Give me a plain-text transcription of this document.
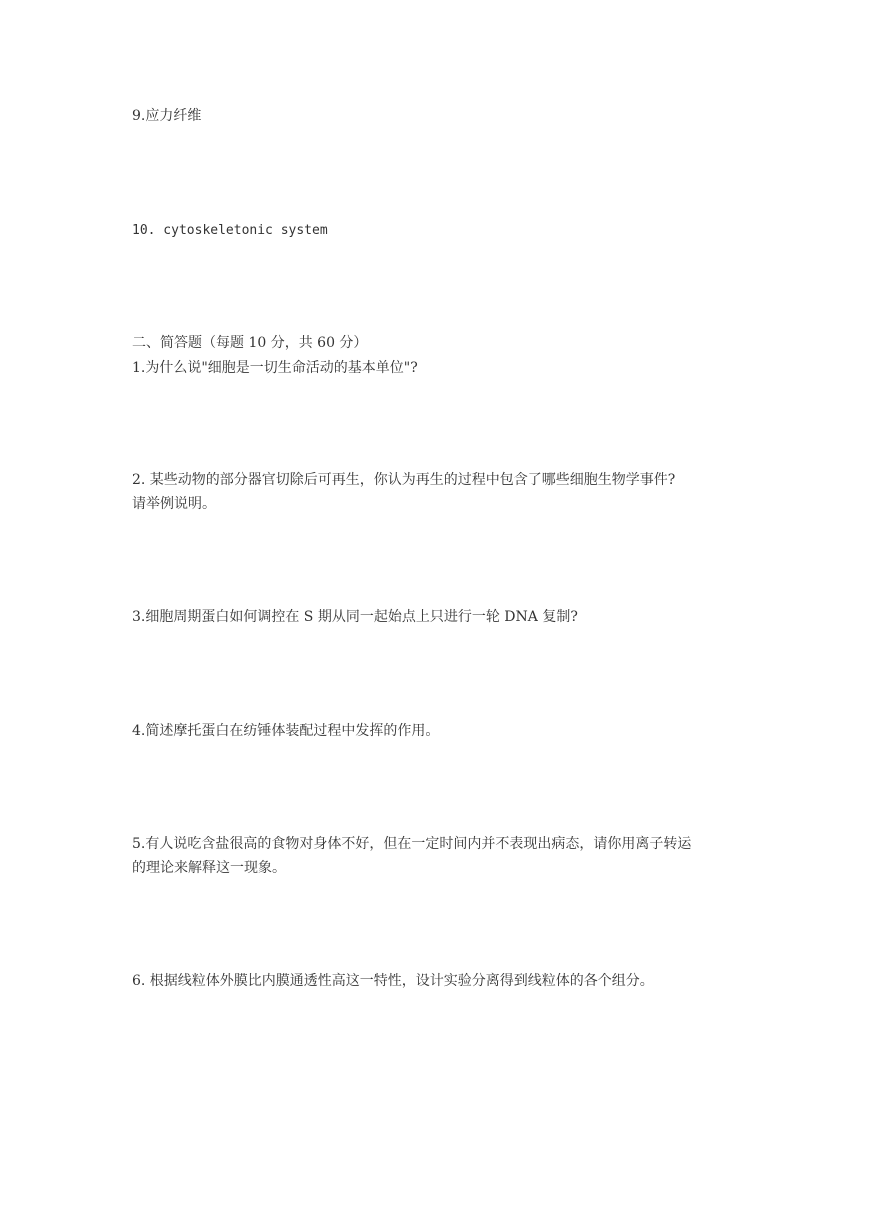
9.应力纤维
10. cytoskeletonic system
二、简答题（每题 10 分，共 60 分）
1.为什么说"细胞是一切生命活动的基本单位"?
2. 某些动物的部分器官切除后可再生，你认为再生的过程中包含了哪些细胞生物学事件?
请举例说明。
3.细胞周期蛋白如何调控在 S 期从同一起始点上只进行一轮 DNA 复制?
4.简述摩托蛋白在纺锤体装配过程中发挥的作用。
5.有人说吃含盐很高的食物对身体不好，但在一定时间内并不表现出病态，请你用离子转运
的理论来解释这一现象。
6. 根据线粒体外膜比内膜通透性高这一特性，设计实验分离得到线粒体的各个组分。
